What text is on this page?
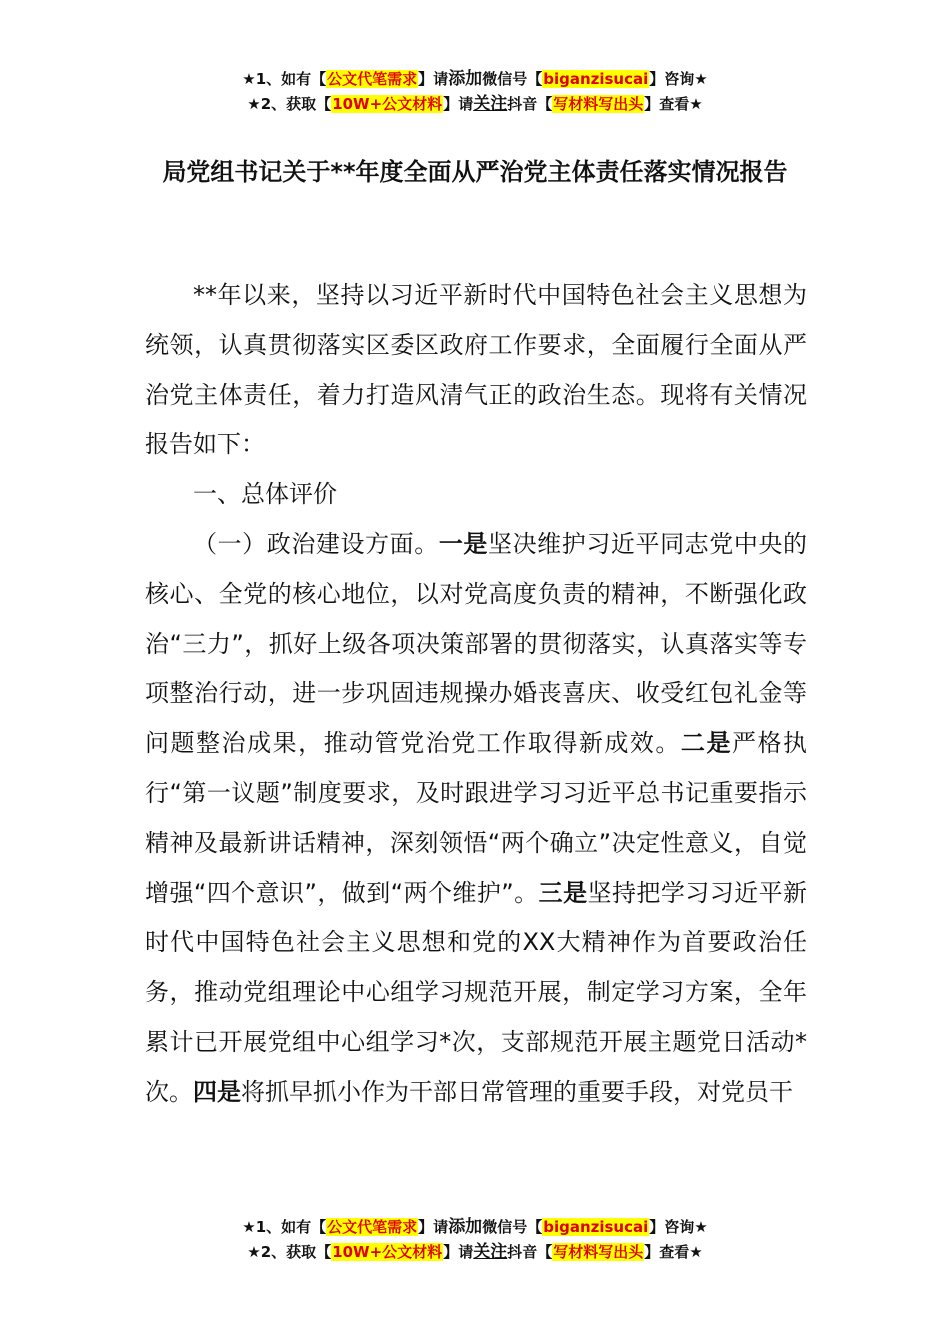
★1、如有【公文代笔需求】请添加微信号【biganzisucai】咨询★
★2、获取【10W+公文材料】请关注抖音【写材料写出头】查看★
局党组书记关于**年度全面从严治党主体责任落实情况报告

**年以来，坚持以习近平新时代中国特色社会主义思想为统领，认真贯彻落实区委区政府工作要求，全面履行全面从严治党主体责任，着力打造风清气正的政治生态。现将有关情况报告如下：

一、总体评价

（一）政治建设方面。一是坚决维护习近平同志党中央的核心、全党的核心地位，以对党高度负责的精神，不断强化政治“三力”，抓好上级各项决策部署的贯彻落实，认真落实等专项整治行动，进一步巩固违规操办婚丧喜庆、收受红包礼金等问题整治成果，推动管党治党工作取得新成效。二是严格执行“第一议题”制度要求，及时跟进学习习近平总书记重要指示精神及最新讲话精神，深刻领悟“两个确立”决定性意义，自觉增强“四个意识”，做到“两个维护”。三是坚持把学习习近平新时代中国特色社会主义思想和党的XX大精神作为首要政治任务，推动党组理论中心组学习规范开展，制定学习方案，全年累计已开展党组中心组学习*次，支部规范开展主题党日活动*次。四是将抓早抓小作为干部日常管理的重要手段，对党员干

★1、如有【公文代笔需求】请添加微信号【biganzisucai】咨询★
★2、获取【10W+公文材料】请关注抖音【写材料写出头】查看★
